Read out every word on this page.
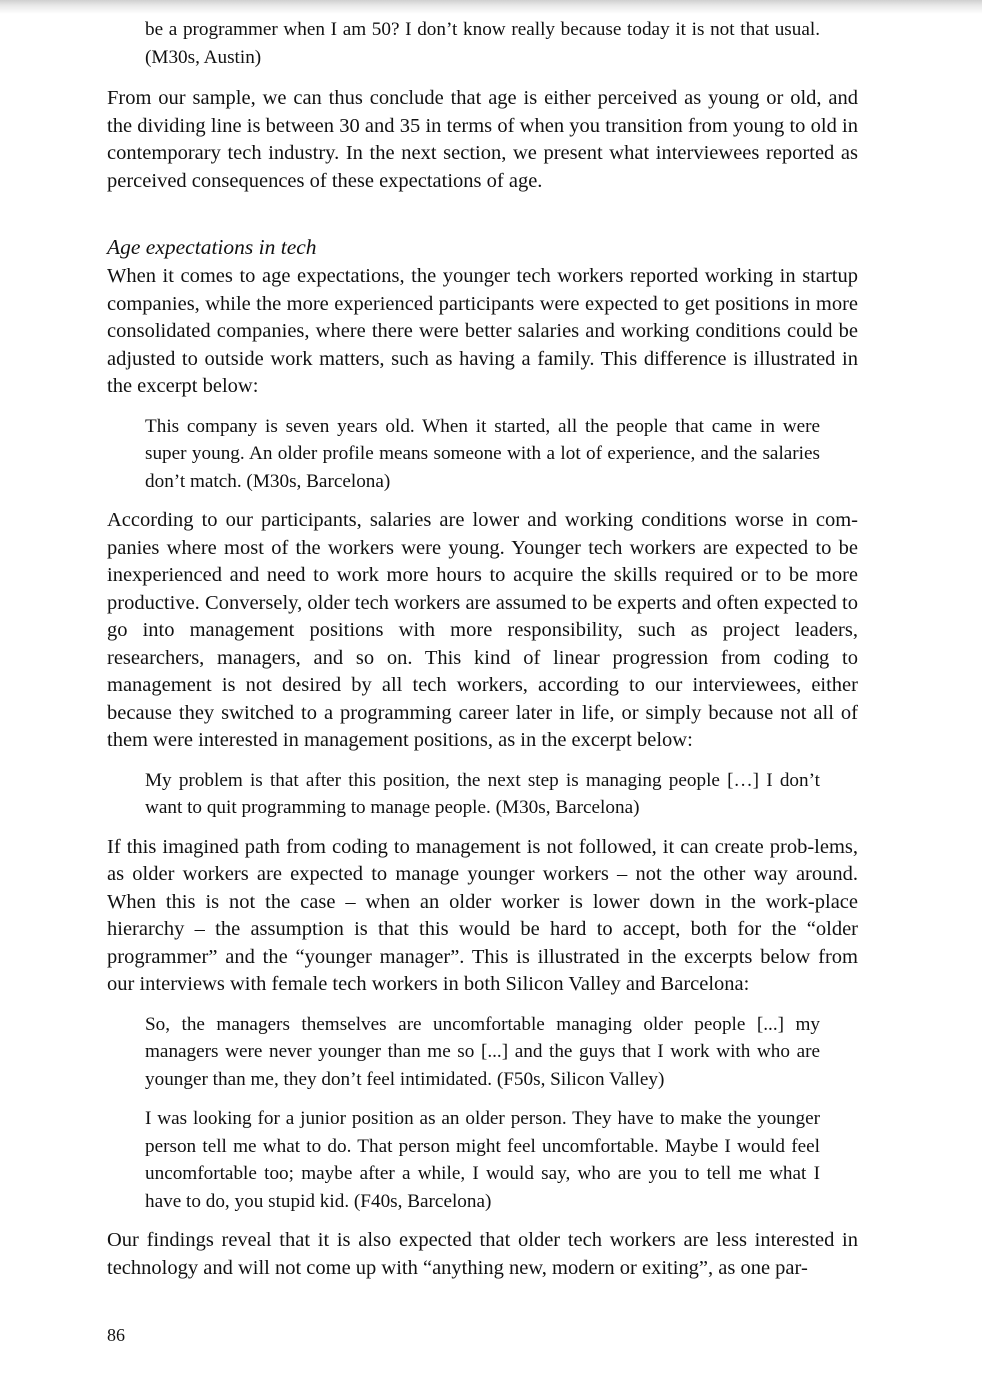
be a programmer when I am 50? I don’t know really because today it is not that usual. (M30s, Austin)

From our sample, we can thus conclude that age is either perceived as young or old, and the dividing line is between 30 and 35 in terms of when you transition from young to old in contemporary tech industry. In the next section, we present what interviewees reported as perceived consequences of these expectations of age.

Age expectations in tech

When it comes to age expectations, the younger tech workers reported working in startup companies, while the more experienced participants were expected to get positions in more consolidated companies, where there were better salaries and working conditions could be adjusted to outside work matters, such as having a family. This difference is illustrated in the excerpt below:

This company is seven years old. When it started, all the people that came in were super young. An older profile means someone with a lot of experience, and the salaries don’t match. (M30s, Barcelona)

According to our participants, salaries are lower and working conditions worse in com-panies where most of the workers were young. Younger tech workers are expected to be inexperienced and need to work more hours to acquire the skills required or to be more productive. Conversely, older tech workers are assumed to be experts and often expected to go into management positions with more responsibility, such as project leaders, researchers, managers, and so on. This kind of linear progression from coding to management is not desired by all tech workers, according to our interviewees, either because they switched to a programming career later in life, or simply because not all of them were interested in management positions, as in the excerpt below:

My problem is that after this position, the next step is managing people […] I don’t want to quit programming to manage people. (M30s, Barcelona)

If this imagined path from coding to management is not followed, it can create prob-lems, as older workers are expected to manage younger workers – not the other way around. When this is not the case – when an older worker is lower down in the work-place hierarchy – the assumption is that this would be hard to accept, both for the “older programmer” and the “younger manager”. This is illustrated in the excerpts below from our interviews with female tech workers in both Silicon Valley and Barcelona:

So, the managers themselves are uncomfortable managing older people [...] my managers were never younger than me so [...] and the guys that I work with who are younger than me, they don’t feel intimidated. (F50s, Silicon Valley)

I was looking for a junior position as an older person. They have to make the younger person tell me what to do. That person might feel uncomfortable. Maybe I would feel uncomfortable too; maybe after a while, I would say, who are you to tell me what I have to do, you stupid kid. (F40s, Barcelona)

Our findings reveal that it is also expected that older tech workers are less interested in technology and will not come up with “anything new, modern or exiting”, as one par-

86
